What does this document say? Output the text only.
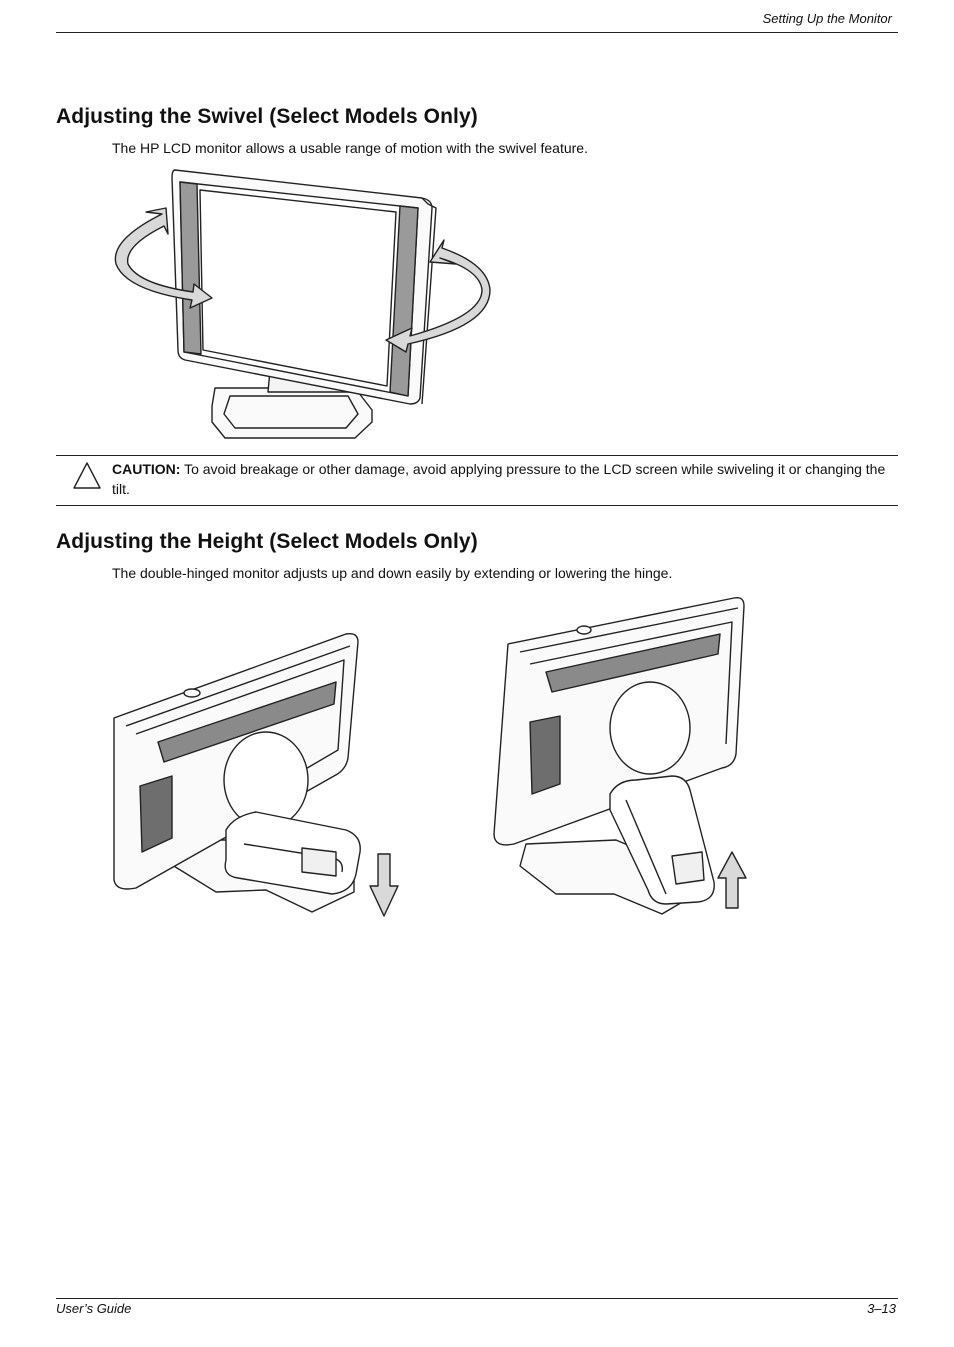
Setting Up the Monitor
Adjusting the Swivel (Select Models Only)
The HP LCD monitor allows a usable range of motion with the swivel feature.
CAUTION: To avoid breakage or other damage, avoid applying pressure to the LCD screen while swiveling it or changing the tilt.
Adjusting the Height (Select Models Only)
The double-hinged monitor adjusts up and down easily by extending or lowering the hinge.
User’s Guide	3–13
